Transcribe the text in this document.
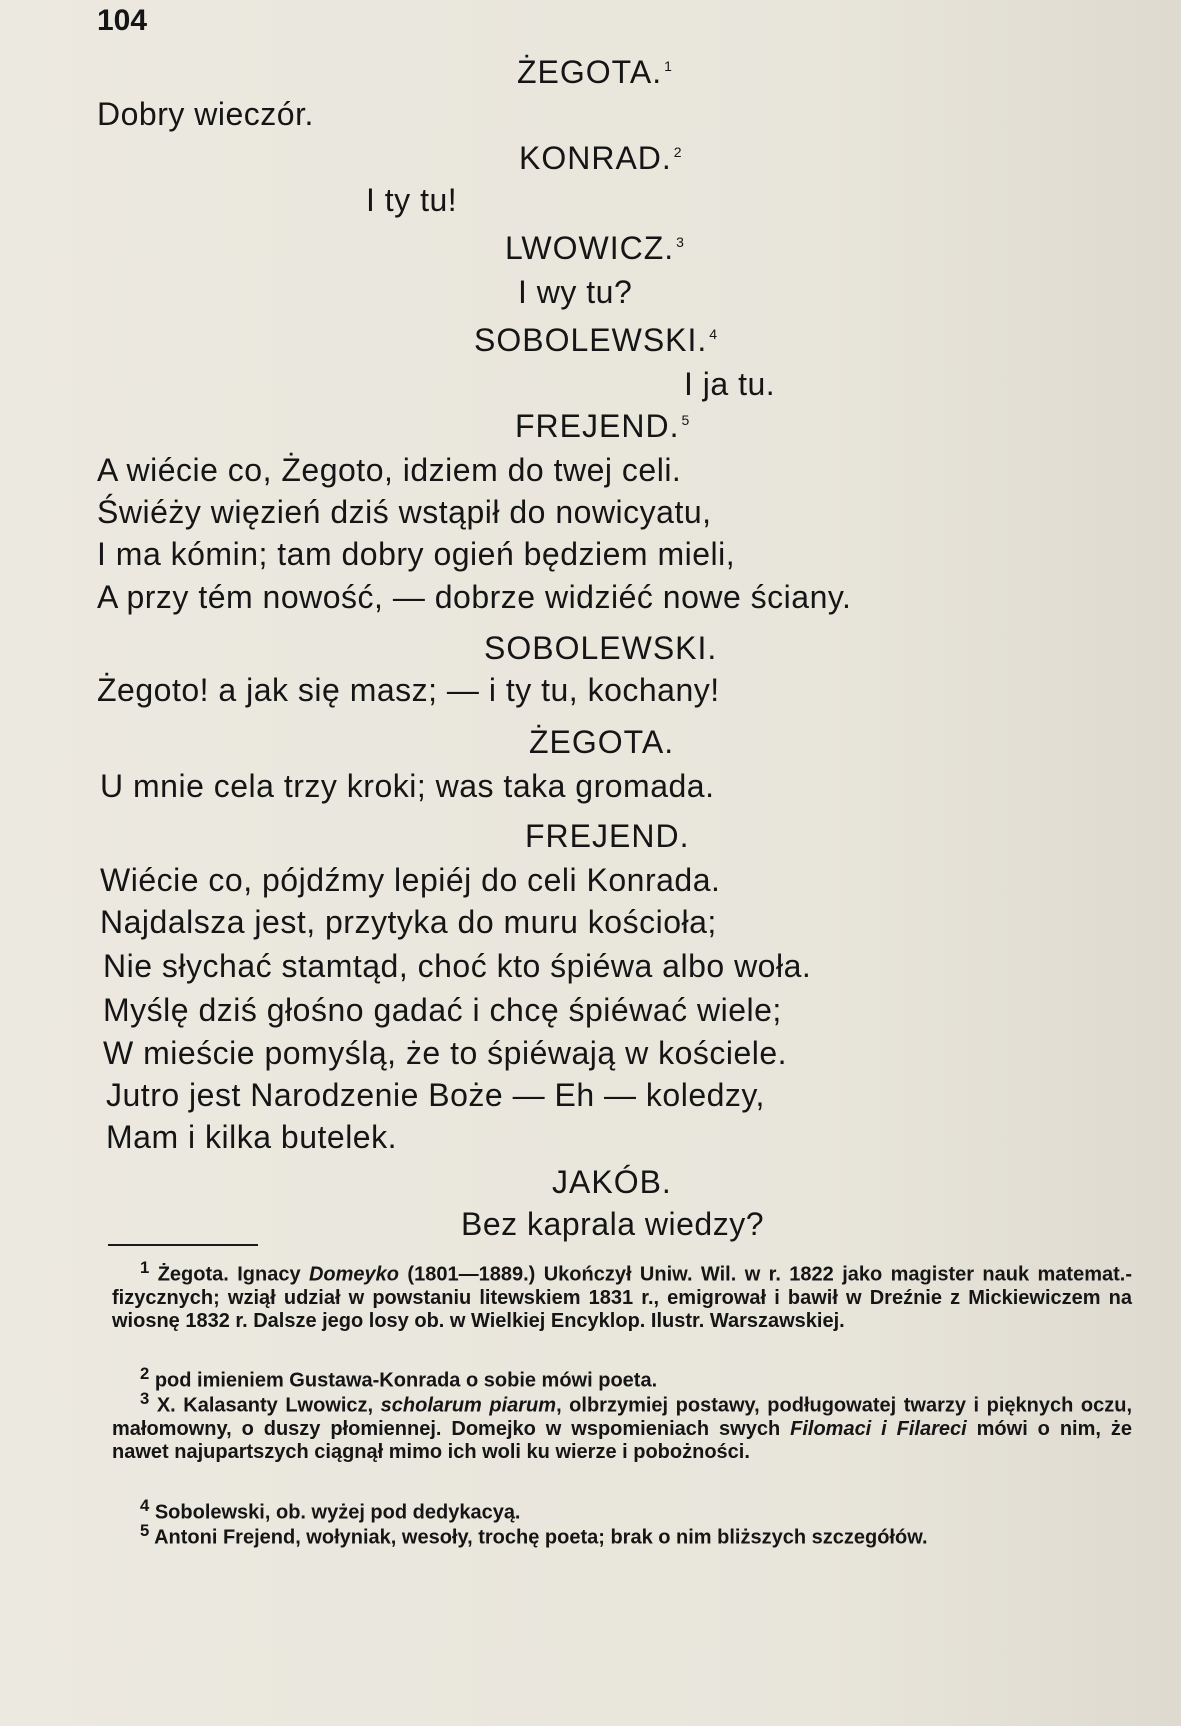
104
ŻEGOTA. $^1$
Dobry wieczór.
KONRAD. $^2$
I ty tu!
LWOWICZ. $^3$
I wy tu?
SOBOLEWSKI. $^4$
I ja tu.
FREJEND. $^5$
A wiécie co, Żegoto, idziem do twej celi.
Świéży więzień dziś wstąpił do nowicyatu,
I ma kómin; tam dobry ogień będziem mieli,
A przy tém nowość, — dobrze widziéć nowe ściany.
SOBOLEWSKI.
Żegoto! a jak się masz; — i ty tu, kochany!
ŻEGOTA.
U mnie cela trzy kroki; was taka gromada.
FREJEND.
Wiécie co, pójdźmy lepiéj do celi Konrada.
Najdalsza jest, przytyka do muru kościoła;
Nie słychać stamtąd, choć kto śpiéwa albo woła.
Myślę dziś głośno gadać i chcę śpiéwać wiele;
W mieście pomyślą, że to śpiéwają w kościele.
Jutro jest Narodzenie Boże — Eh — koledzy,
Mam i kilka butelek.
JAKÓB.
Bez kaprala wiedzy?
$^1$ Żegota. Ignacy Domeyko (1801—1889.) Ukończył Uniw. Wil. w r. 1822 jako magister nauk matemat.-fizycznych; wziął udział w powstaniu litewskiem 1831 r., emigrował i bawił w Dreźnie z Mickiewiczem na wiosnę 1832 r. Dalsze jego losy ob. w Wielkiej Encyklop. Ilustr. Warszawskiej.
$^2$ pod imieniem Gustawa-Konrada o sobie mówi poeta.
$^3$ X. Kalasanty Lwowicz, scholarum piarum, olbrzymiej postawy, podługowatej twarzy i pięknych oczu, małomowny, o duszy płomiennej. Domejko w wspomieniach swych Filomaci i Filareci mówi o nim, że nawet najupartszych ciągnął mimo ich woli ku wierze i pobożności.
$^4$ Sobolewski, ob. wyżej pod dedykacyą.
$^5$ Antoni Frejend, wołyniak, wesoły, trochę poeta; brak o nim bliższych szczegółów.
